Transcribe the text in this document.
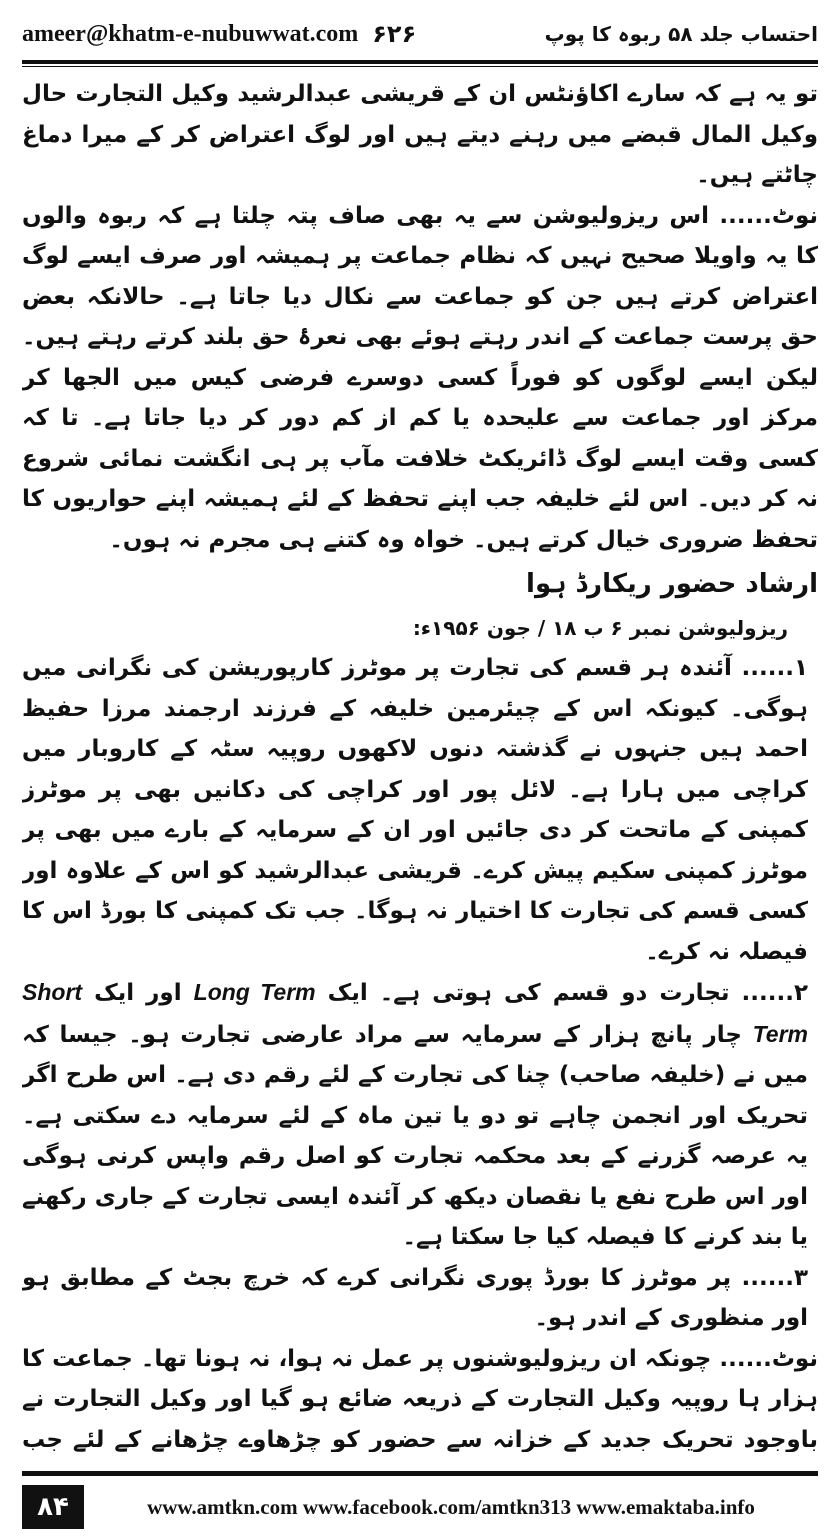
ameer@khatm-e-nubuwwat.com ۶۲۶	احتساب جلد ۵۸ ربوہ کا پوپ

تو یہ ہے کہ سارے اکاؤنٹس ان کے قریشی عبدالرشید وکیل التجارت حال وکیل المال قبضے میں رہنے دیتے ہیں اور لوگ اعتراض کر کے میرا دماغ چاٹتے ہیں۔

نوٹ...... اس ریزولیوشن سے یہ بھی صاف پتہ چلتا ہے کہ ربوہ والوں کا یہ واویلا صحیح نہیں کہ نظام جماعت پر ہمیشہ اور صرف ایسے لوگ اعتراض کرتے ہیں جن کو جماعت سے نکال دیا جاتا ہے۔ حالانکہ بعض حق پرست جماعت کے اندر رہتے ہوئے بھی نعرۂ حق بلند کرتے رہتے ہیں۔ لیکن ایسے لوگوں کو فوراً کسی دوسرے فرضی کیس میں الجھا کر مرکز اور جماعت سے علیحدہ یا کم از کم دور کر دیا جاتا ہے۔ تا کہ کسی وقت ایسے لوگ ڈائریکٹ خلافت مآب پر ہی انگشت نمائی شروع نہ کر دیں۔ اس لئے خلیفہ جب اپنے تحفظ کے لئے ہمیشہ اپنے حواریوں کا تحفظ ضروری خیال کرتے ہیں۔ خواہ وہ کتنے ہی مجرم نہ ہوں۔

ارشاد حضور ریکارڈ ہوا

ریزولیوشن نمبر ۶ ب ۱۸ / جون ۱۹۵۶ء:

۱...... آئندہ ہر قسم کی تجارت پر موٹرز کارپوریشن کی نگرانی میں ہوگی۔ کیونکہ اس کے چیئرمین خلیفہ کے فرزند ارجمند مرزا حفیظ احمد ہیں جنہوں نے گذشتہ دنوں لاکھوں روپیہ سٹہ کے کاروبار میں کراچی میں ہارا ہے۔ لائل پور اور کراچی کی دکانیں بھی پر موٹرز کمپنی کے ماتحت کر دی جائیں اور ان کے سرمایہ کے بارے میں بھی پر موٹرز کمپنی سکیم پیش کرے۔ قریشی عبدالرشید کو اس کے علاوہ اور کسی قسم کی تجارت کا اختیار نہ ہوگا۔ جب تک کمپنی کا بورڈ اس کا فیصلہ نہ کرے۔

۲...... تجارت دو قسم کی ہوتی ہے۔ ایک Long Term اور ایک Short Term چار پانچ ہزار کے سرمایہ سے مراد عارضی تجارت ہو۔ جیسا کہ میں نے (خلیفہ صاحب) چنا کی تجارت کے لئے رقم دی ہے۔ اس طرح اگر تحریک اور انجمن چاہے تو دو یا تین ماہ کے لئے سرمایہ دے سکتی ہے۔ یہ عرصہ گزرنے کے بعد محکمہ تجارت کو اصل رقم واپس کرنی ہوگی اور اس طرح نفع یا نقصان دیکھ کر آئندہ ایسی تجارت کے جاری رکھنے یا بند کرنے کا فیصلہ کیا جا سکتا ہے۔

۳...... پر موٹرز کا بورڈ پوری نگرانی کرے کہ خرچ بجٹ کے مطابق ہو اور منظوری کے اندر ہو۔

نوٹ...... چونکہ ان ریزولیوشنوں پر عمل نہ ہوا، نہ ہونا تھا۔ جماعت کا ہزار ہا روپیہ وکیل التجارت کے ذریعہ ضائع ہو گیا اور وکیل التجارت نے باوجود تحریک جدید کے خزانہ سے حضور کو چڑھاوے چڑھانے کے لئے جب

۸۴	www.amtkn.com www.facebook.com/amtkn313 www.emaktaba.info
